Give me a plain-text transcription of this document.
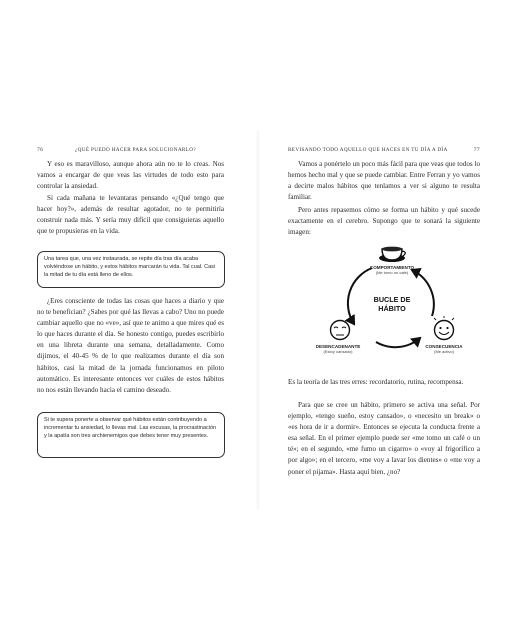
76	¿QUÉ PUEDO HACER PARA SOLUCIONARLO?

Y eso es maravilloso, aunque ahora aún no te lo creas. Nos vamos a encargar de que veas las virtudes de todo esto para controlar la ansiedad.

Si cada mañana te levantaras pensando «¿Qué tengo que hacer hoy?», además de resultar agotador, no te permitiría construir nada más. Y sería muy difícil que consiguieras aquello que te propusieras en la vida.

Una tarea que, una vez instaurada, se repite día tras día acaba volviéndose un hábito, y estos hábitos marcarán tu vida. Tal cual. Casi la mitad de tu día está lleno de ellos.

¿Eres consciente de todas las cosas que haces a diario y que no te benefician? ¿Sabes por qué las llevas a cabo? Uno no puede cambiar aquello que no «ve», así que te animo a que mires qué es lo que haces durante el día. Se honesto contigo, puedes escribirlo en una libreta durante una semana, detalladamente. Como dijimos, el 40-45 % de lo que realizamos durante el día son hábitos, casi la mitad de la jornada funcionamos en piloto automático. Es interesante entonces ver cuáles de estos hábitos no nos están llevando hacia el camino deseado.

Si te supera ponerte a observar qué hábitos están contribuyendo a incrementar tu ansiedad, lo llevas mal. Las excusas, la procrastinación y la apatía son tres archienemigos que debes tener muy presentes.
REVISANDO TODO AQUELLO QUE HACES EN TU DÍA A DÍA	77

Vamos a ponértelo un poco más fácil para que veas que todos lo hemos hecho mal y que se puede cambiar. Entre Ferran y yo vamos a decirte malos hábitos que tenlamos a ver si alguno te resulta familiar.

Pero antes repasemos cómo se forma un hábito y qué sucede exactamente en el cerebro. Supongo que te sonará la siguiente imagen:

BUCLE DE
HÁBITO
COMPORTAMIENTO
(Me tomo un café)
z
z
DESENCADENANTE
(Estoy cansado)
CONSECUENCIA
(Me activo)

Es la teoría de las tres erres: recordatorio, rutina, recompensa.

Para que se cree un hábito, primero se activa una señal. Por ejemplo, «tengo sueño, estoy cansado», o «necesito un break» o «es hora de ir a dormir». Entonces se ejecuta la conducta frente a esa señal. En el primer ejemplo puede ser «me tomo un café o un té»; en el segundo, «me fumo un cigarro» o «voy al frigorífico a por algo»; en el tercero, «me voy a lavar los dientes» o «me voy a poner el pijama». Hasta aquí bien, ¿no?
